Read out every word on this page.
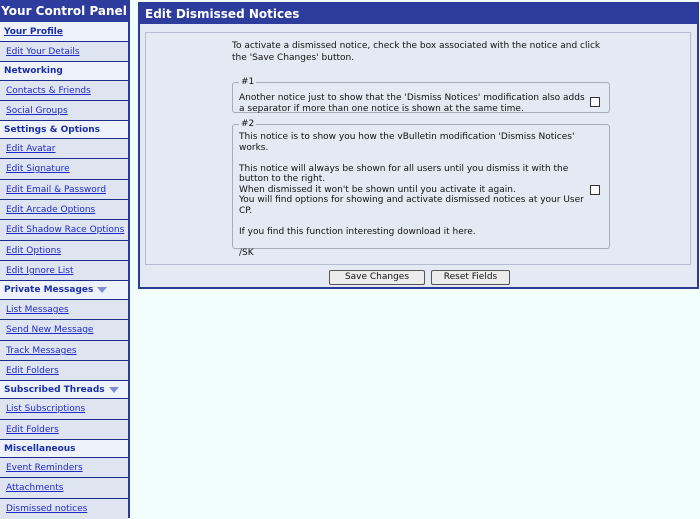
Your Control Panel
Your Profile
Edit Your Details
Networking
Contacts & Friends
Social Groups
Settings & Options
Edit Avatar
Edit Signature
Edit Email & Password
Edit Arcade Options
Edit Shadow Race Options
Edit Options
Edit Ignore List
Private Messages
List Messages
Send New Message
Track Messages
Edit Folders
Subscribed Threads
List Subscriptions
Edit Folders
Miscellaneous
Event Reminders
Attachments
Dismissed notices
Edit Dismissed Notices
To activate a dismissed notice, check the box associated with the notice and click the 'Save Changes' button.
#1

Another notice just to show that the 'Dismiss Notices' modification also adds a separator if more than one notice is shown at the same time.

#2

This notice is to show you how the vBulletin modification 'Dismiss Notices' works.

This notice will always be shown for all users until you dismiss it with the button to the right.
When dismissed it won't be shown until you activate it again.
You will find options for showing and activate dismissed notices at your User CP.

If you find this function interesting download it here.

/SK

Save Changes	Reset Fields
